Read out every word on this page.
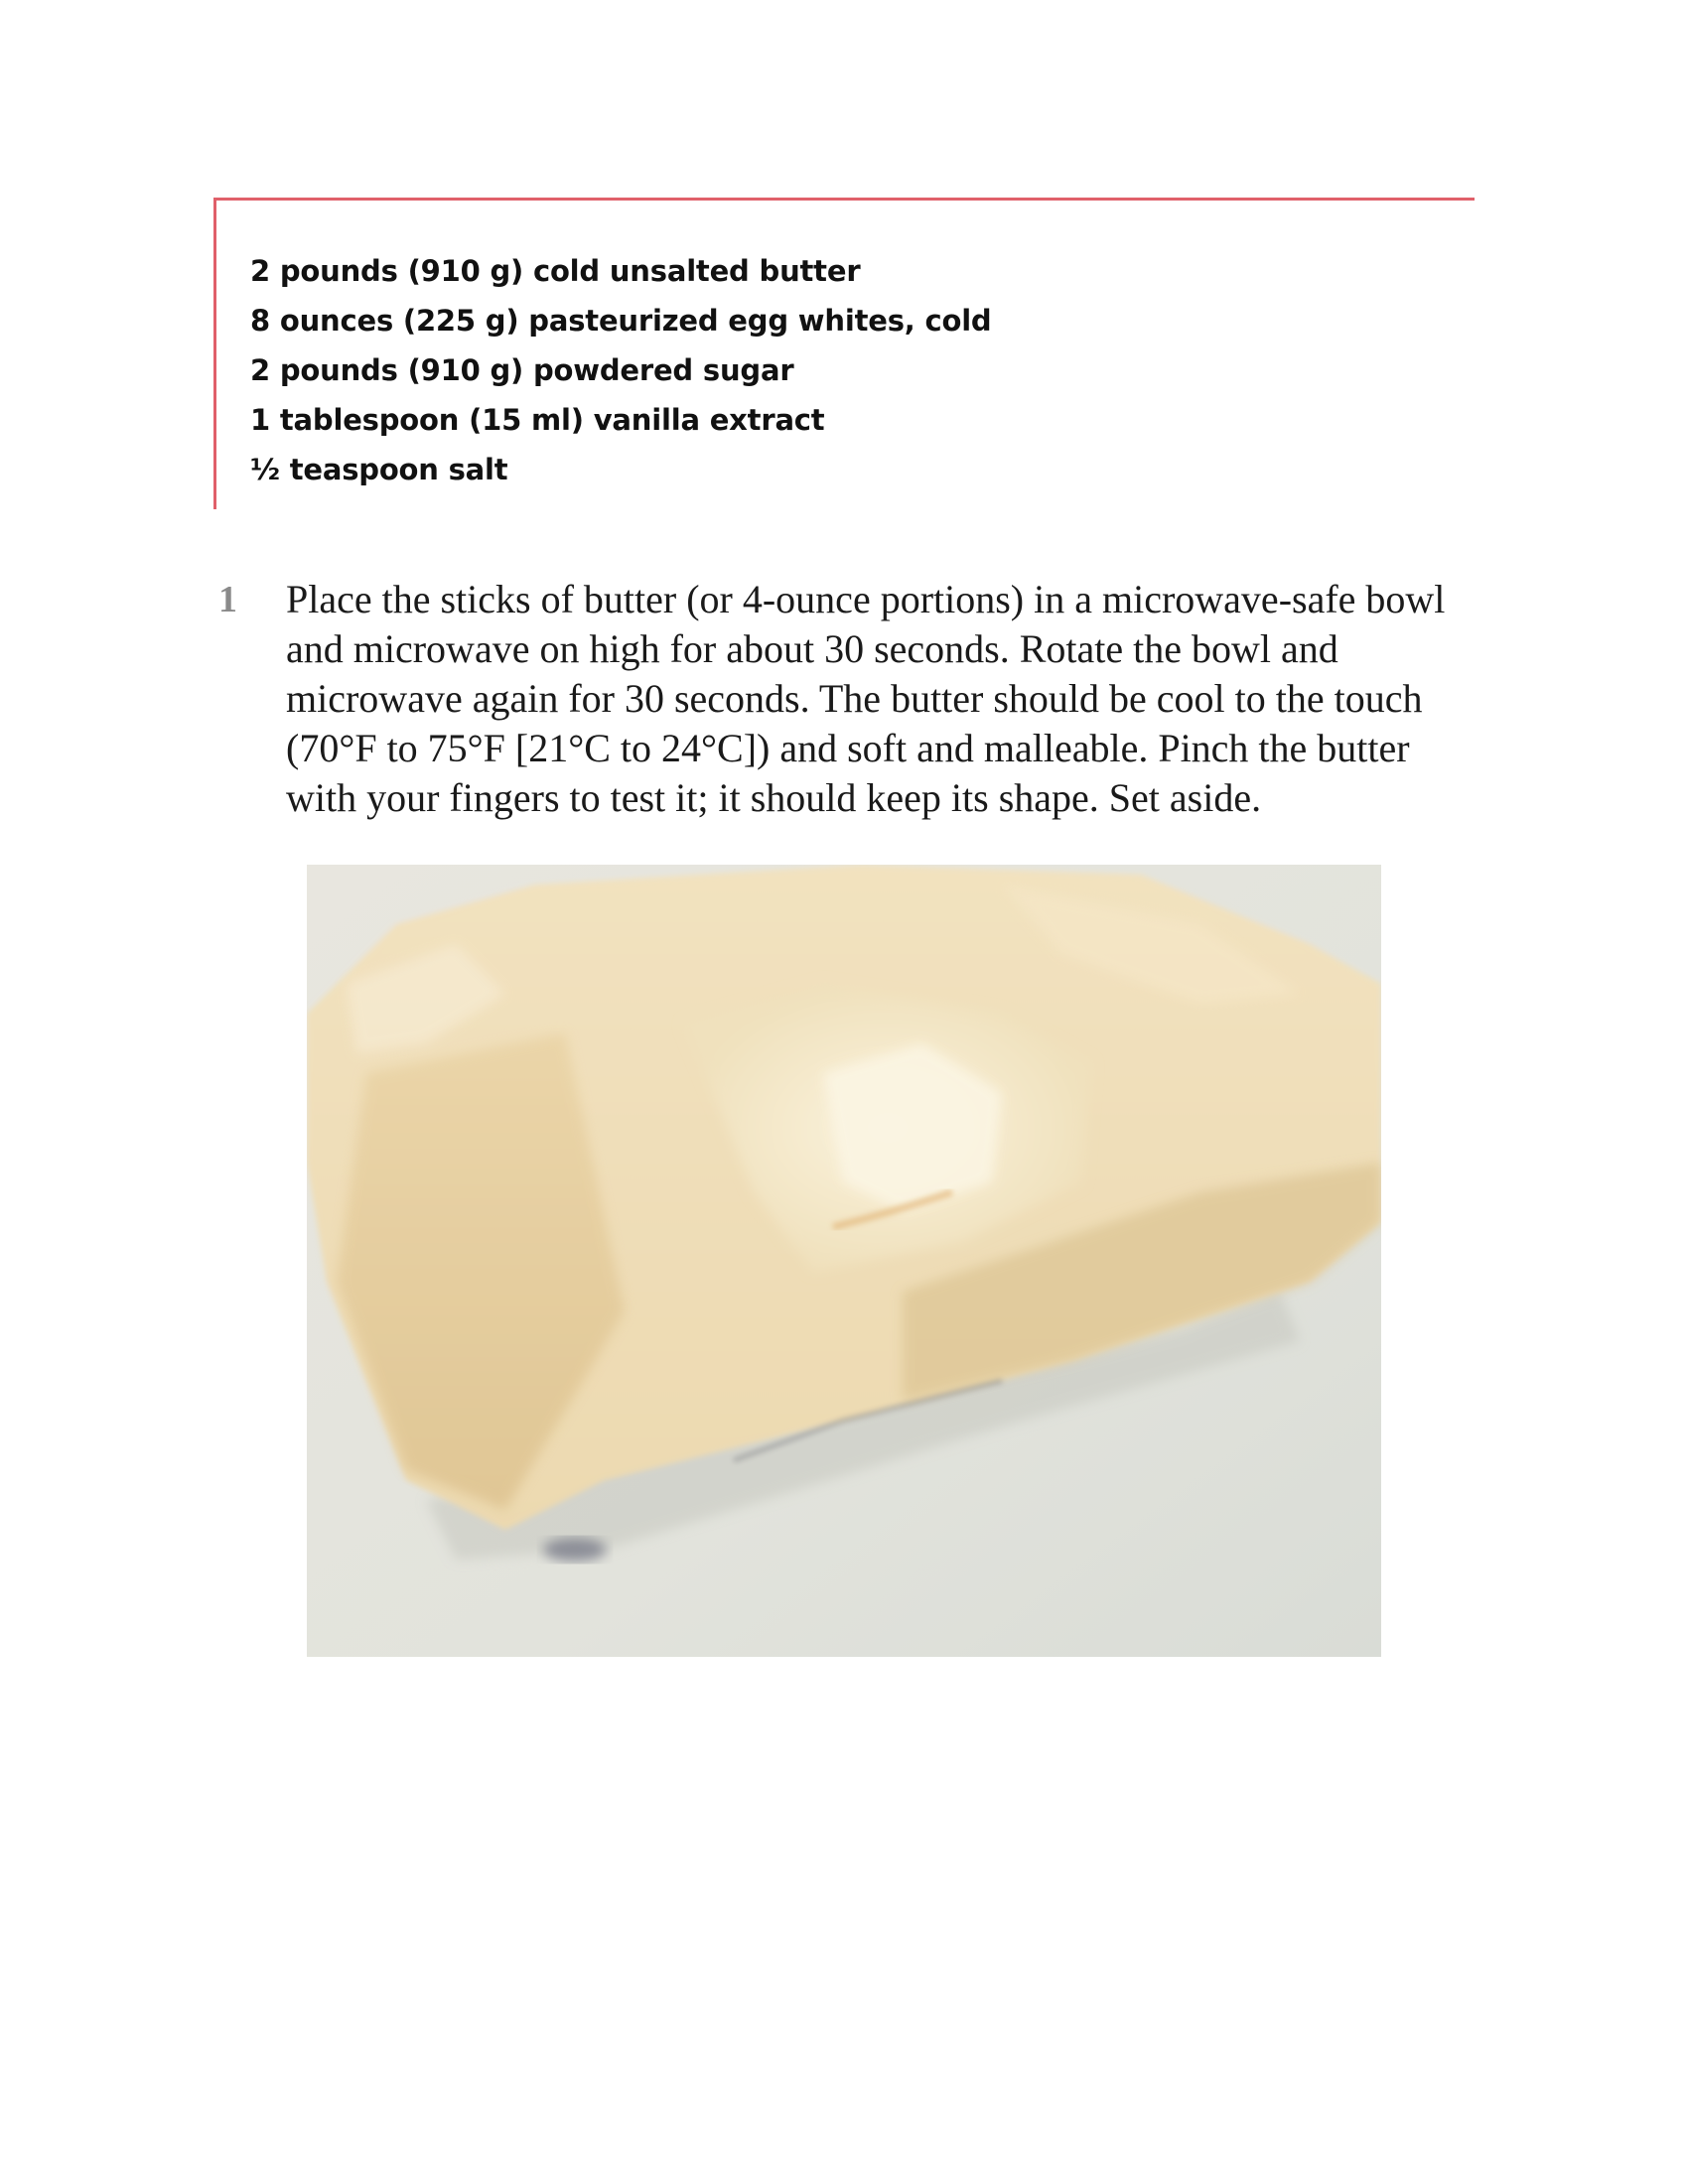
2 pounds (910 g) cold unsalted butter
8 ounces (225 g) pasteurized egg whites, cold
2 pounds (910 g) powdered sugar
1 tablespoon (15 ml) vanilla extract
½ teaspoon salt
1 Place the sticks of butter (or 4-ounce portions) in a microwave-safe bowl and microwave on high for about 30 seconds. Rotate the bowl and microwave again for 30 seconds. The butter should be cool to the touch (70°F to 75°F [21°C to 24°C]) and soft and malleable. Pinch the butter with your fingers to test it; it should keep its shape. Set aside.
